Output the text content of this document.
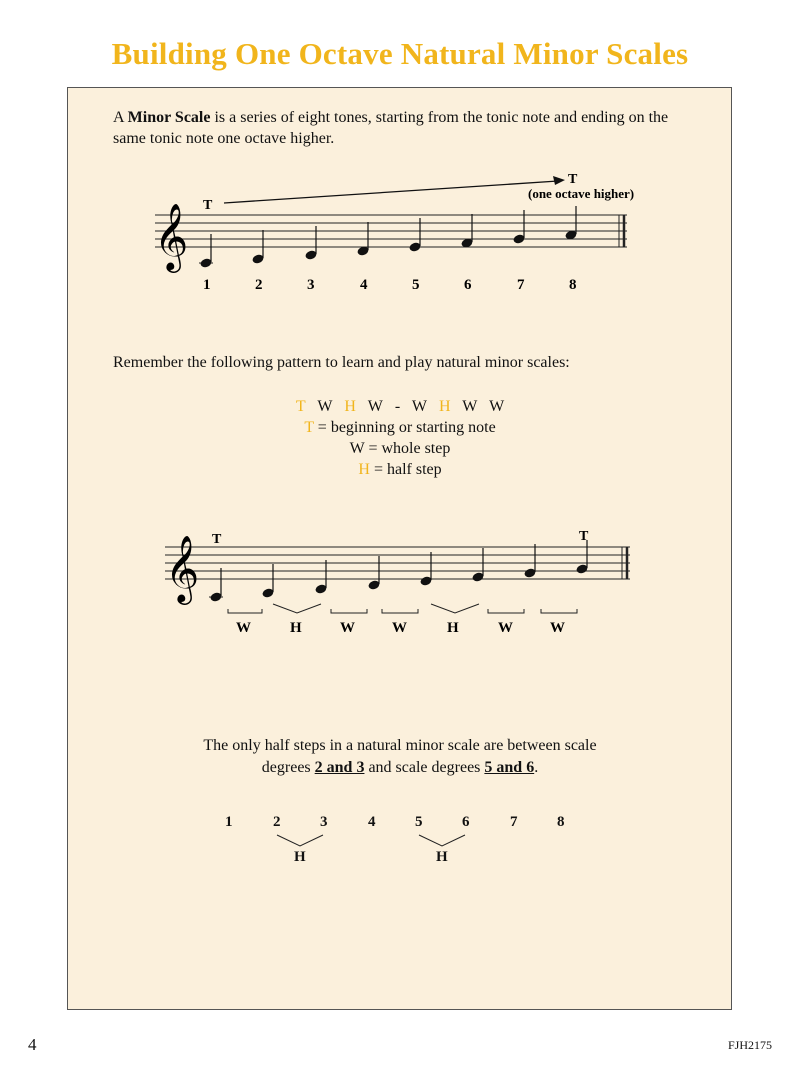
Building One Octave Natural Minor Scales
A Minor Scale is a series of eight tones, starting from the tonic note and ending on the same tonic note one octave higher.
𝄞 T
T
(one octave higher)
1	2	3	4	5	6	7	8
Remember the following pattern to learn and play natural minor scales:
T W H W - W H W W
T = beginning or starting note
W = whole step
H = half step
𝄞 T	T
W	H	W W	H	W W
The only half steps in a natural minor scale are between scale
degrees 2 and 3 and scale degrees 5 and 6.
1	2	3	4	5	6	7	8
H	H
4	FJH2175
